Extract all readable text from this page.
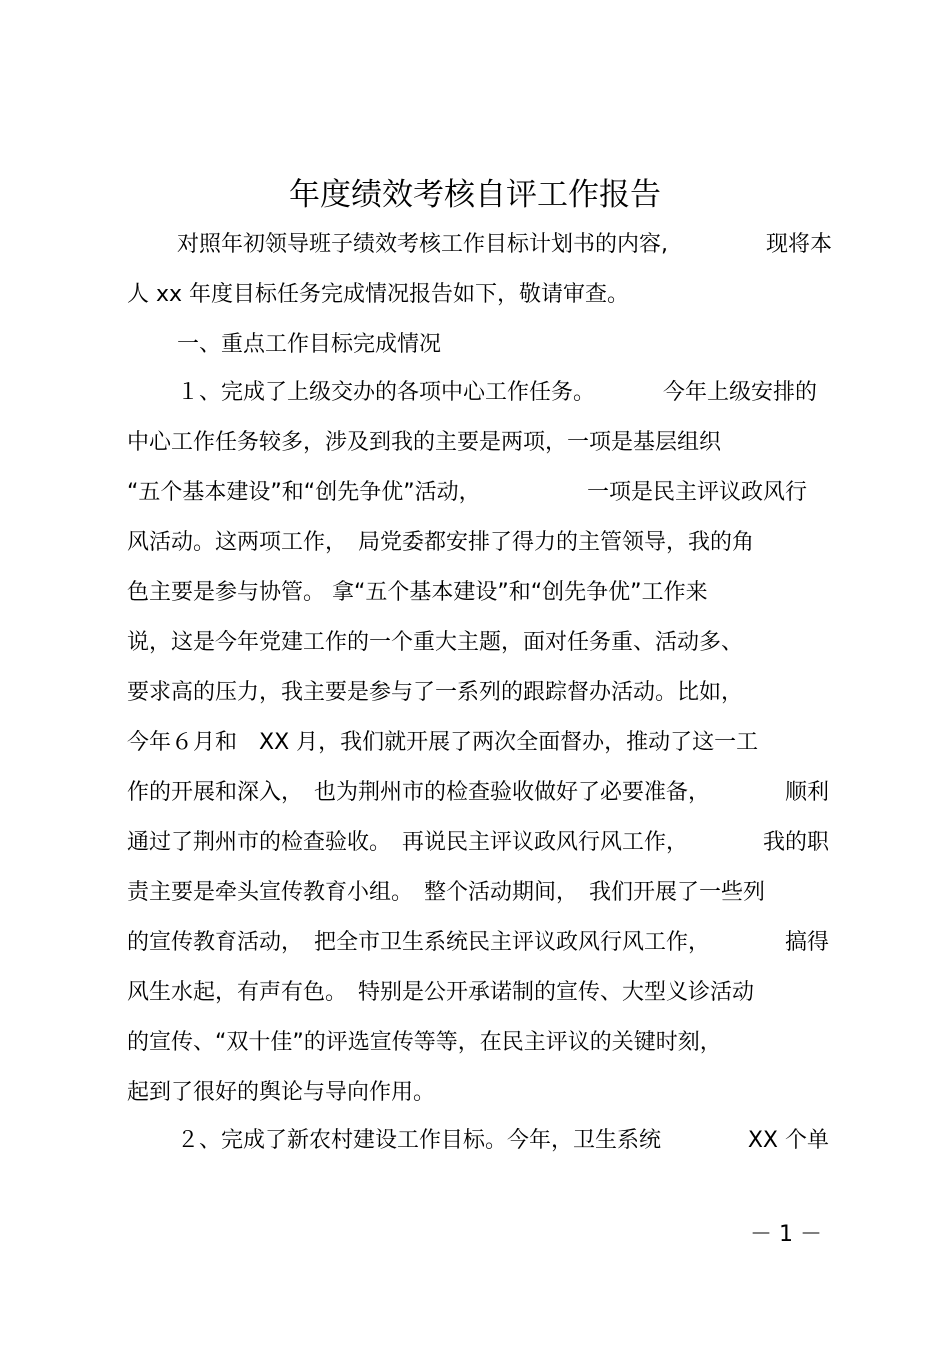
年度绩效考核自评工作报告
对照年初领导班子绩效考核工作目标计划书的内容,	现将本
人 xx 年度目标任务完成情况报告如下，敬请审查。
一、重点工作目标完成情况
１、完成了上级交办的各项中心工作任务。	今年上级安排的
中心工作任务较多，涉及到我的主要是两项，一项是基层组织
“五个基本建设”和“创先争优”活动，	一项是民主评议政风行
风活动。这两项工作，　局党委都安排了得力的主管领导，我的角
色主要是参与协管。 拿“五个基本建设”和“创先争优”工作来
说，这是今年党建工作的一个重大主题，面对任务重、活动多、
要求高的压力，我主要是参与了一系列的跟踪督办活动。比如，
今年６月和　XX 月，我们就开展了两次全面督办，推动了这一工
作的开展和深入，　也为荆州市的检查验收做好了必要准备，	顺利
通过了荆州市的检查验收。　再说民主评议政风行风工作，	我的职
责主要是牵头宣传教育小组。　整个活动期间，　我们开展了一些列
的宣传教育活动，　把全市卫生系统民主评议政风行风工作，	搞得
风生水起，有声有色。　特别是公开承诺制的宣传、大型义诊活动
的宣传、“双十佳”的评选宣传等等，在民主评议的关键时刻，
起到了很好的舆论与导向作用。
２、完成了新农村建设工作目标。今年，卫生系统	XX 个单
－ 1 －
